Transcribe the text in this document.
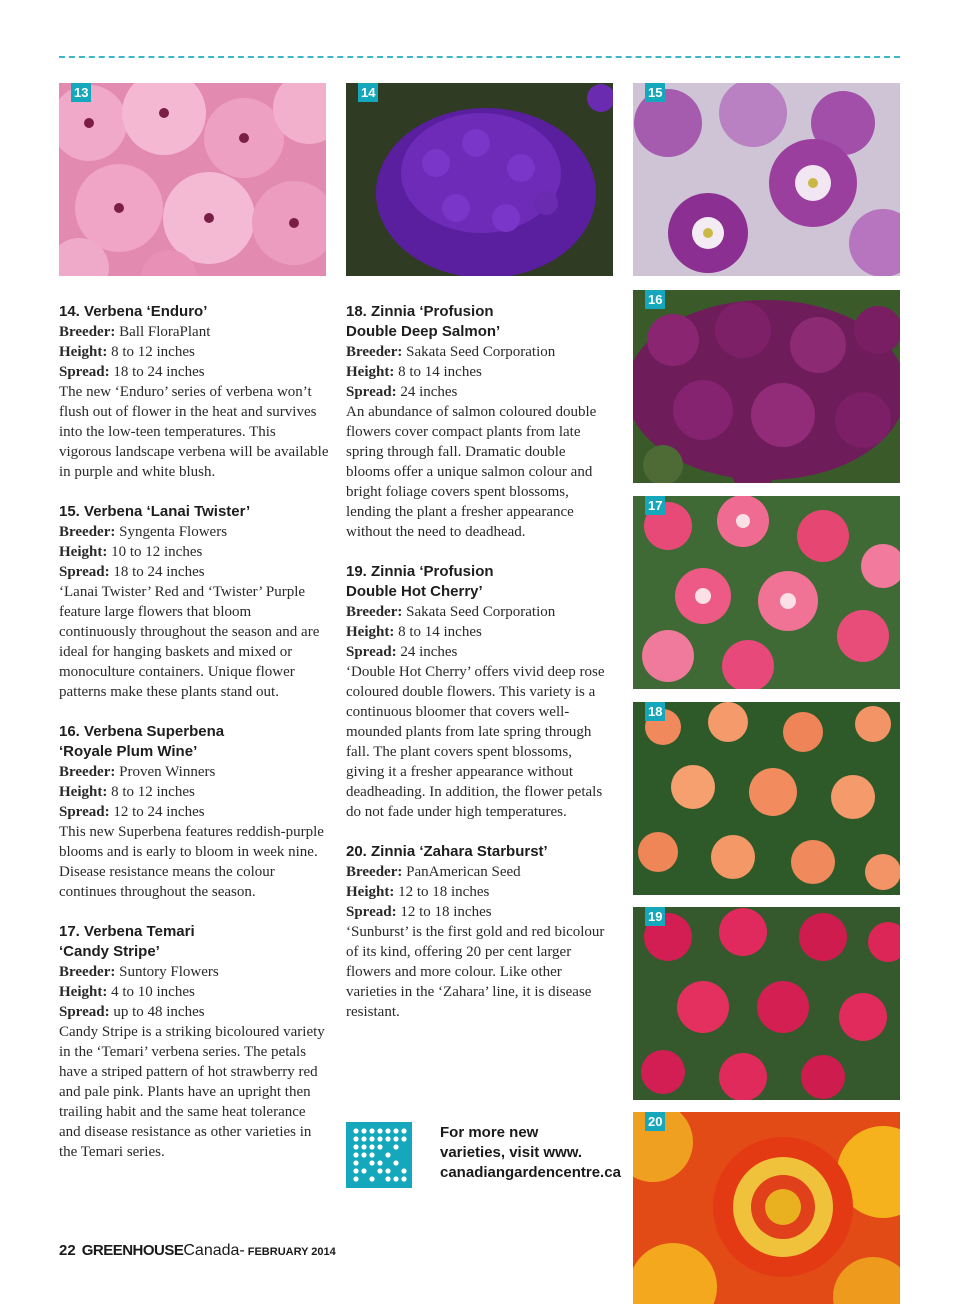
13	14	15
16
17
18
19
20
14. Verbena ‘Enduro’
Breeder: Ball FloraPlant
Height: 8 to 12 inches
Spread: 18 to 24 inches

The new ‘Enduro’ series of verbena won’t flush out of flower in the heat and survives into the low-teen temperatures. This vigorous landscape verbena will be available in purple and white blush.

15. Verbena ‘Lanai Twister’
Breeder: Syngenta Flowers
Height: 10 to 12 inches
Spread: 18 to 24 inches

‘Lanai Twister’ Red and ‘Twister’ Purple feature large flowers that bloom continuously throughout the season and are ideal for hanging baskets and mixed or monoculture containers. Unique flower patterns make these plants stand out.

16. Verbena Superbena
‘Royale Plum Wine’
Breeder: Proven Winners
Height: 8 to 12 inches
Spread: 12 to 24 inches

This new Superbena features reddish-purple blooms and is early to bloom in week nine. Disease resistance means the colour continues throughout the season.

17. Verbena Temari
‘Candy Stripe’
Breeder: Suntory Flowers
Height: 4 to 10 inches
Spread: up to 48 inches

Candy Stripe is a striking bicoloured variety in the ‘Temari’ verbena series. The petals have a striped pattern of hot strawberry red and pale pink. Plants have an upright then trailing habit and the same heat tolerance and disease resistance as other varieties in the Temari series.

18. Zinnia ‘Profusion
Double Deep Salmon’
Breeder: Sakata Seed Corporation
Height: 8 to 14 inches
Spread: 24 inches

An abundance of salmon coloured double flowers cover compact plants from late spring through fall. Dramatic double blooms offer a unique salmon colour and bright foliage covers spent blossoms, lending the plant a fresher appearance without the need to deadhead.

19. Zinnia ‘Profusion
Double Hot Cherry’
Breeder: Sakata Seed Corporation
Height: 8 to 14 inches
Spread: 24 inches

‘Double Hot Cherry’ offers vivid deep rose coloured double flowers. This variety is a continuous bloomer that covers well-mounded plants from late spring through fall. The plant covers spent blossoms, giving it a fresher appearance without deadheading. In addition, the flower petals do not fade under high temperatures.

20. Zinnia ‘Zahara Starburst’
Breeder: PanAmerican Seed
Height: 12 to 18 inches
Spread: 12 to 18 inches

‘Sunburst’ is the first gold and red bicolour of its kind, offering 20 per cent larger flowers and more colour. Like other varieties in the ‘Zahara’ line, it is disease resistant.

For more new
varieties, visit www.
canadiangardencentre.ca
22 GREENHOUSECanada- FEBRUARY 2014
